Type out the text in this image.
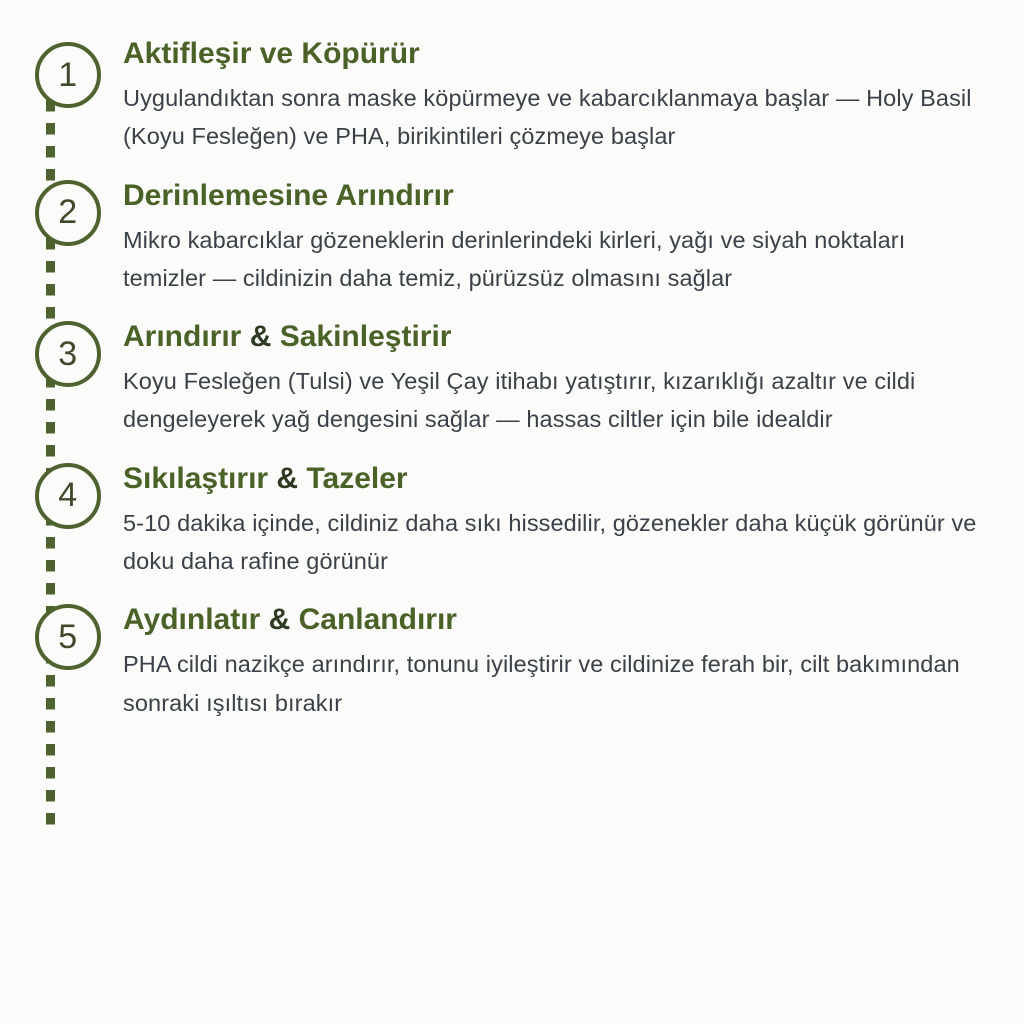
1
Aktifleşir ve Köpürür

Uygulandıktan sonra maske köpürmeye ve kabarcıklanmaya başlar — Holy Basil (Koyu Fesleğen) ve PHA, birikintileri çözmeye başlar

2 Derinlemesine Arındırır

Mikro kabarcıklar gözeneklerin derinlerindeki kirleri, yağı ve siyah noktaları temizler — cildinizin daha temiz, pürüzsüz olmasını sağlar

3 Arındırır & Sakinleştirir

Koyu Fesleğen (Tulsi) ve Yeşil Çay itihabı yatıştırır, kızarıklığı azaltır ve cildi dengeleyerek yağ dengesini sağlar — hassas ciltler için bile idealdir

4 Sıkılaştırır & Tazeler

5-10 dakika içinde, cildiniz daha sıkı hissedilir, gözenekler daha küçük görünür ve doku daha rafine görünür

5 Aydınlatır & Canlandırır

PHA cildi nazikçe arındırır, tonunu iyileştirir ve cildinize ferah bir, cilt bakımından sonraki ışıltısı bırakır
